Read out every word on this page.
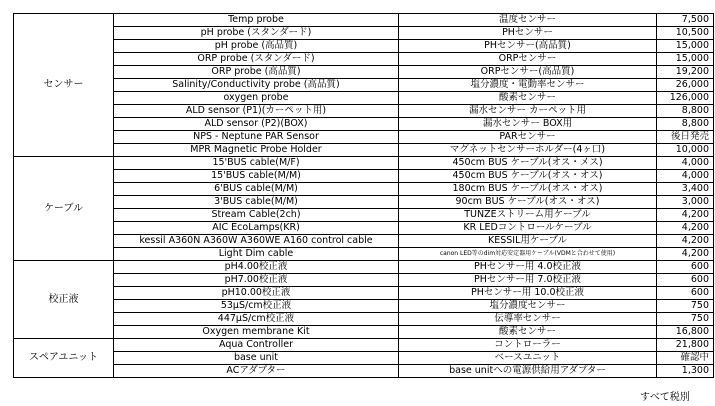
センサー	Temp probe	温度センサー	7,500
	pH probe (スタンダード)	PHセンサー	10,500
	pH probe (高品質)	PHセンサー(高品質)	15,000
	ORP probe (スタンダード)	ORPセンサー	15,000
	ORP probe (高品質)	ORPセンサー(高品質)	19,200
	Salinity/Conductivity probe (高品質)	塩分濃度・電動率センサー	26,000
	oxygen probe	酸素センサー	126,000
	ALD sensor (P1)(カーペット用)	漏水センサー カーペット用	8,800
	ALD sensor (P2)(BOX)	漏水センサー BOX用	8,800
	NPS - Neptune PAR Sensor	PARセンサー	後日発売
	MPR Magnetic Probe Holder	マグネットセンサーホルダー(4ヶ口)	10,000
ケーブル	15'BUS cable(M/F)	450cm BUS ケーブル(オス・メス)	4,000
	15'BUS cable(M/M)	450cm BUS ケーブル(オス・オス)	4,000
	6'BUS cable(M/M)	180cm BUS ケーブル(オス・オス)	3,400
	3'BUS cable(M/M)	90cm BUS ケーブル(オス・オス)	3,000
	Stream Cable(2ch)	TUNZEストリーム用ケーブル	4,200
	AIC EcoLamps(KR)	KR LEDコントロールケーブル	4,200
	kessil A360N A360W A360WE A160 control cable	KESSIL用ケーブル	4,200
	Light Dim cable	canon LED等のdim対応安定器用ケーブル(VDMと合わせて使用)	4,200
校正液	pH4.00校正液	PHセンサー用 4.0校正液	600
	pH7.00校正液	PHセンサー用 7.0校正液	600
	pH10.00校正液	PHセンサー用 10.0校正液	600
	53μS/cm校正液	塩分濃度センサー	750
	447μS/cm校正液	伝導率センサー	750
	Oxygen membrane Kit	酸素センサー	16,800
スペアユニット	Aqua Controller	コントローラー	21,800
	base unit	ベースユニット	確認中
	ACアダプター	base unitへの電源供給用アダプター	1,300
すべて税別
